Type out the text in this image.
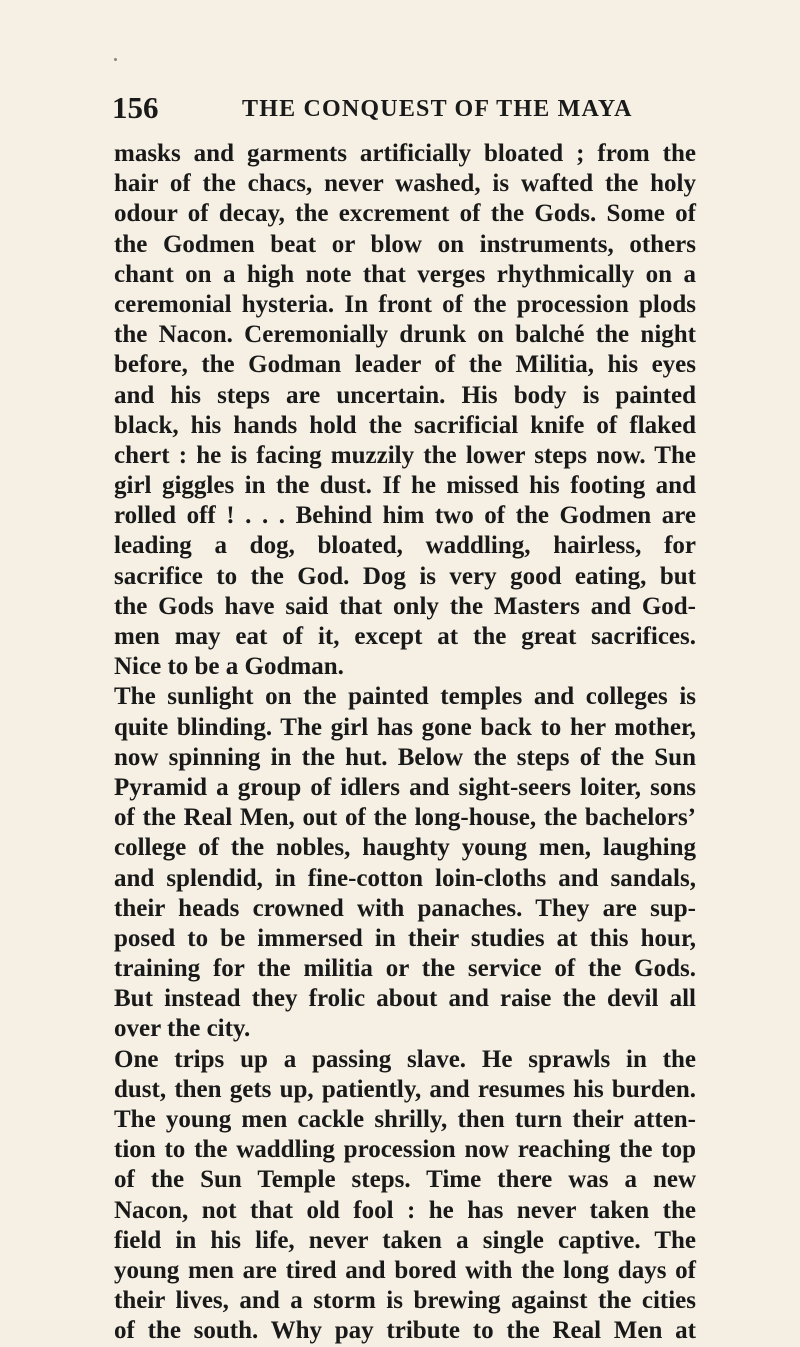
156	THE CONQUEST OF THE MAYA
masks and garments artificially bloated ; from the
hair of the chacs, never washed, is wafted the holy
odour of decay, the excrement of the Gods. Some of
the Godmen beat or blow on instruments, others
chant on a high note that verges rhythmically on a
ceremonial hysteria. In front of the procession plods
the Nacon. Ceremonially drunk on balché the night
before, the Godman leader of the Militia, his eyes
and his steps are uncertain. His body is painted
black, his hands hold the sacrificial knife of flaked
chert : he is facing muzzily the lower steps now. The
girl giggles in the dust. If he missed his footing and
rolled off ! . . . Behind him two of the Godmen are
leading a dog, bloated, waddling, hairless, for
sacrifice to the God. Dog is very good eating, but
the Gods have said that only the Masters and God-
men may eat of it, except at the great sacrifices.
Nice to be a Godman.
The sunlight on the painted temples and colleges is
quite blinding. The girl has gone back to her mother,
now spinning in the hut. Below the steps of the Sun
Pyramid a group of idlers and sight-seers loiter, sons
of the Real Men, out of the long-house, the bachelors’
college of the nobles, haughty young men, laughing
and splendid, in fine-cotton loin-cloths and sandals,
their heads crowned with panaches. They are sup-
posed to be immersed in their studies at this hour,
training for the militia or the service of the Gods.
But instead they frolic about and raise the devil all
over the city.
One trips up a passing slave. He sprawls in the
dust, then gets up, patiently, and resumes his burden.
The young men cackle shrilly, then turn their atten-
tion to the waddling procession now reaching the top
of the Sun Temple steps. Time there was a new
Nacon, not that old fool : he has never taken the
field in his life, never taken a single captive. The
young men are tired and bored with the long days of
their lives, and a storm is brewing against the cities
of the south. Why pay tribute to the Real Men at
